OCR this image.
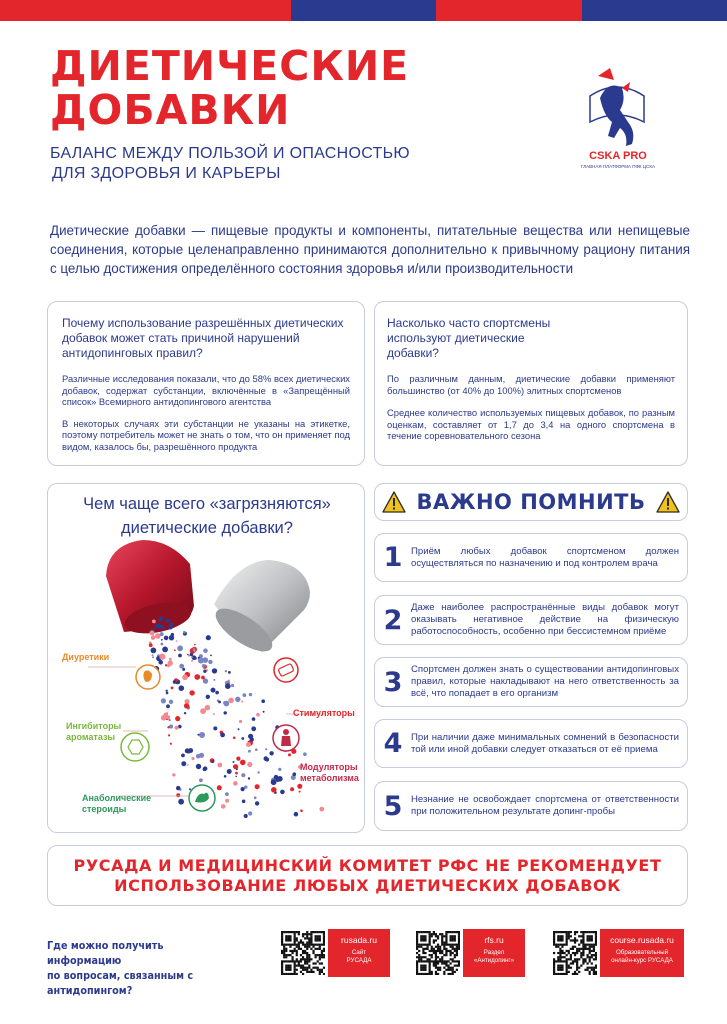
ДИЕТИЧЕСКИЕ
ДОБАВКИ
БАЛАНС МЕЖДУ ПОЛЬЗОЙ И ОПАСНОСТЬЮ
ДЛЯ ЗДОРОВЬЯ И КАРЬЕРЫ
CSKA PRO
ГЛАВНАЯ ПЛАТФОРМА ПФК ЦСКА
Диетические добавки — пищевые продукты и компоненты, питательные вещества или непищевые соединения, которые целенаправленно принимаются дополнительно к привычному рациону питания с целью достижения определённого состояния здоровья и/или производительности
Почему использование разрешённых диетических добавок может стать причиной нарушений антидопинговых правил?
Различные исследования показали, что до 58% всех диетических добавок, содержат субстанции, включённые в «Запрещённый список» Всемирного антидопингового агентства
В некоторых случаях эти субстанции не указаны на этикетке, поэтому потребитель может не знать о том, что он применяет под видом, казалось бы, разрешённого продукта
Насколько часто спортсмены используют диетические добавки?
По различным данным, диетические добавки применяют большинство (от 40% до 100%) элитных спортсменов
Среднее количество используемых пищевых добавок, по разным оценкам, составляет от 1,7 до 3,4 на одного спортсмена в течение соревновательного сезона
Чем чаще всего «загрязняются»
диетические добавки?
Диуретики
Ингибиторы ароматазы
Анаболические стероиды
Стимуляторы
Модуляторы метаболизма
ВАЖНО ПОМНИТЬ
1 Приём любых добавок спортсменом должен осуществляться по назначению и под контролем врача
2 Даже наиболее распространённые виды добавок могут оказывать негативное действие на физическую работоспособность, особенно при бессистемном приёме
3 Спортсмен должен знать о существовании антидопинговых правил, которые накладывают на него ответственность за всё, что попадает в его организм
4 При наличии даже минимальных сомнений в безопасности той или иной добавки следует отказаться от её приема
5 Незнание не освобождает спортсмена от ответственности при положительном результате допинг-пробы
РУСАДА И МЕДИЦИНСКИЙ КОМИТЕТ РФС НЕ РЕКОМЕНДУЕТ
ИСПОЛЬЗОВАНИЕ ЛЮБЫХ ДИЕТИЧЕСКИХ ДОБАВОК
Где можно получить информацию
по вопросам, связанным с антидопингом?
rusada.ru
Сайт
РУСАДА
rfs.ru
Раздел
«Антидопинг»
course.rusada.ru
Образовательный
онлайн-курс РУСАДА
